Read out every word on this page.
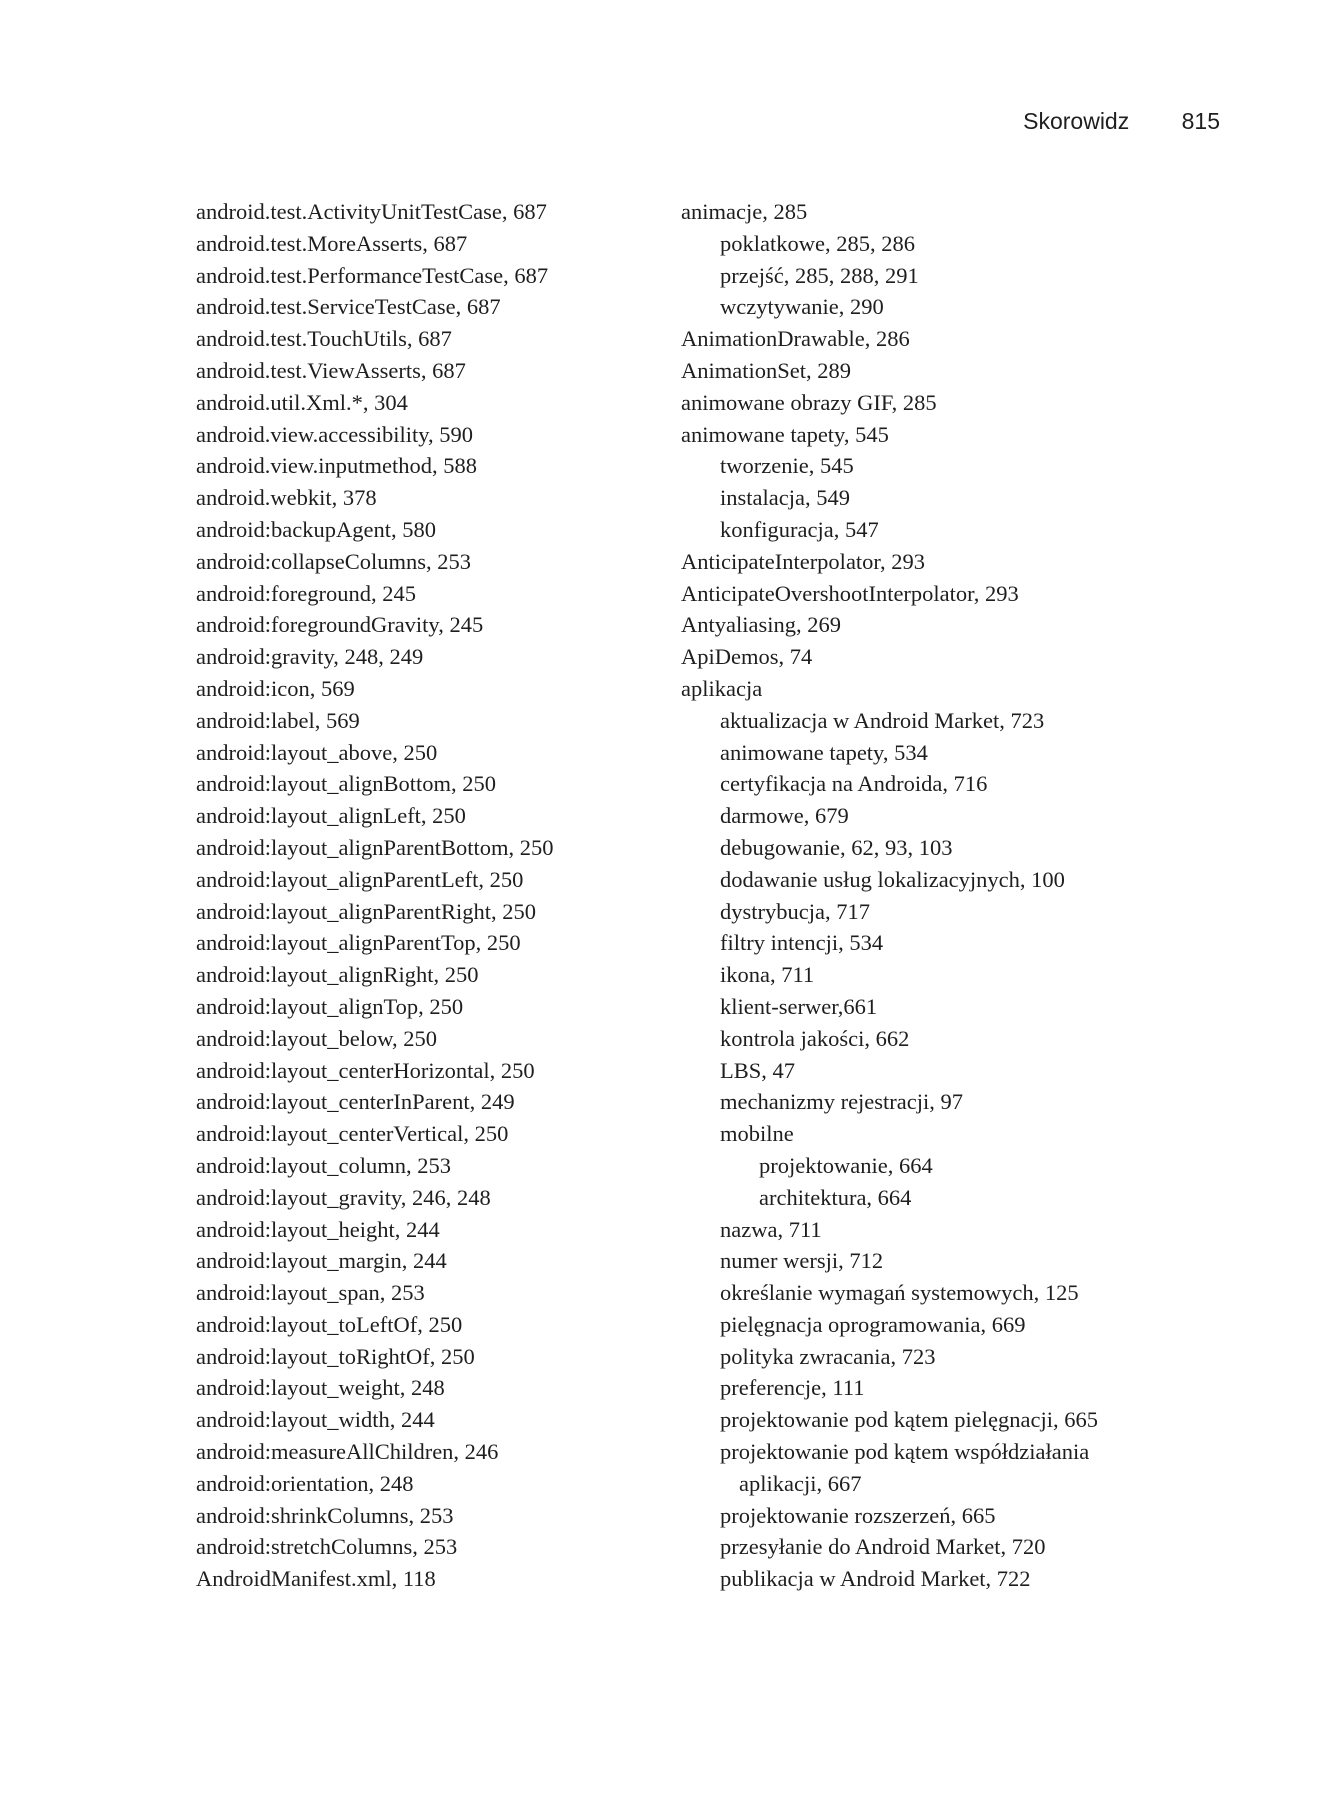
Skorowidz 815
android.test.ActivityUnitTestCase, 687
android.test.MoreAsserts, 687
android.test.PerformanceTestCase, 687
android.test.ServiceTestCase, 687
android.test.TouchUtils, 687
android.test.ViewAsserts, 687
android.util.Xml.*, 304
android.view.accessibility, 590
android.view.inputmethod, 588
android.webkit, 378
android:backupAgent, 580
android:collapseColumns, 253
android:foreground, 245
android:foregroundGravity, 245
android:gravity, 248, 249
android:icon, 569
android:label, 569
android:layout_above, 250
android:layout_alignBottom, 250
android:layout_alignLeft, 250
android:layout_alignParentBottom, 250
android:layout_alignParentLeft, 250
android:layout_alignParentRight, 250
android:layout_alignParentTop, 250
android:layout_alignRight, 250
android:layout_alignTop, 250
android:layout_below, 250
android:layout_centerHorizontal, 250
android:layout_centerInParent, 249
android:layout_centerVertical, 250
android:layout_column, 253
android:layout_gravity, 246, 248
android:layout_height, 244
android:layout_margin, 244
android:layout_span, 253
android:layout_toLeftOf, 250
android:layout_toRightOf, 250
android:layout_weight, 248
android:layout_width, 244
android:measureAllChildren, 246
android:orientation, 248
android:shrinkColumns, 253
android:stretchColumns, 253
AndroidManifest.xml, 118
animacje, 285
poklatkowe, 285, 286
przejść, 285, 288, 291
wczytywanie, 290
AnimationDrawable, 286
AnimationSet, 289
animowane obrazy GIF, 285
animowane tapety, 545
tworzenie, 545
instalacja, 549
konfiguracja, 547
AnticipateInterpolator, 293
AnticipateOvershootInterpolator, 293
Antyaliasing, 269
ApiDemos, 74
aplikacja
aktualizacja w Android Market, 723
animowane tapety, 534
certyfikacja na Androida, 716
darmowe, 679
debugowanie, 62, 93, 103
dodawanie usług lokalizacyjnych, 100
dystrybucja, 717
filtry intencji, 534
ikona, 711
klient-serwer,661
kontrola jakości, 662
LBS, 47
mechanizmy rejestracji, 97
mobilne
projektowanie, 664
architektura, 664
nazwa, 711
numer wersji, 712
określanie wymagań systemowych, 125
pielęgnacja oprogramowania, 669
polityka zwracania, 723
preferencje, 111
projektowanie pod kątem pielęgnacji, 665
projektowanie pod kątem współdziałania
aplikacji, 667
projektowanie rozszerzeń, 665
przesyłanie do Android Market, 720
publikacja w Android Market, 722
